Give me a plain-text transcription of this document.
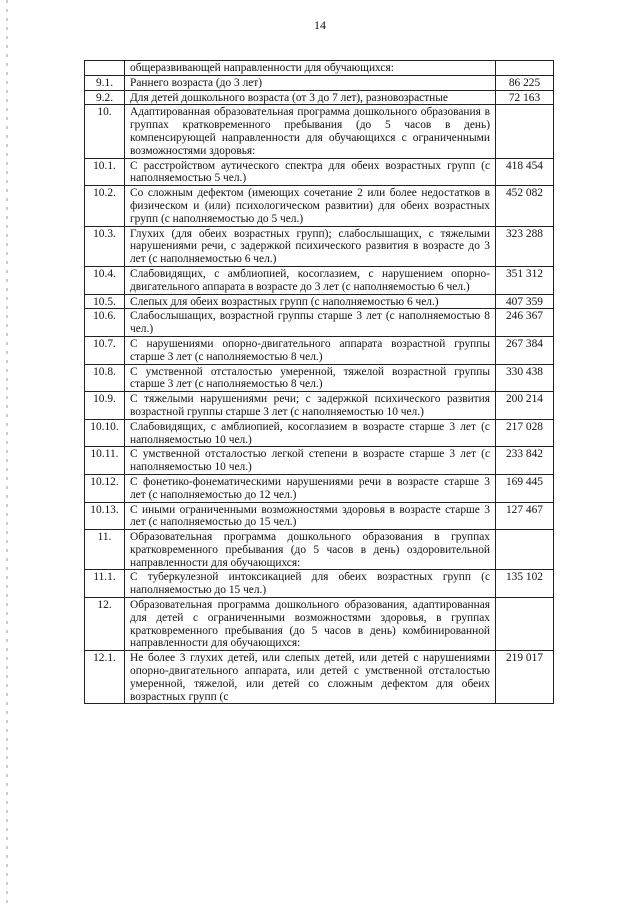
14
	общеразвивающей направленности для обучающихся:	
9.1.	Раннего возраста (до 3 лет)	86 225
9.2.	Для детей дошкольного возраста (от 3 до 7 лет), разновозрастные	72 163
10.	Адаптированная образовательная программа дошкольного образования в группах кратковременного пребывания (до 5 часов в день) компенсирующей направленности для обучающихся с ограниченными возможностями здоровья:	
10.1.	С расстройством аутического спектра для обеих возрастных групп (с наполняемостью 5 чел.)	418 454
10.2.	Со сложным дефектом (имеющих сочетание 2 или более недостатков в физическом и (или) психологическом развитии) для обеих возрастных групп (с наполняемостью до 5 чел.)	452 082
10.3.	Глухих (для обеих возрастных групп); слабослышащих, с тяжелыми нарушениями речи, с задержкой психического развития в возрасте до 3 лет (с наполняемостью 6 чел.)	323 288
10.4.	Слабовидящих, с амблиопией, косоглазием, с нарушением опорно-двигательного аппарата в возрасте до 3 лет (с наполняемостью 6 чел.)	351 312
10.5.	Слепых для обеих возрастных групп (с наполняемостью 6 чел.)	407 359
10.6.	Слабослышащих, возрастной группы старше 3 лет (с наполняемостью 8 чел.)	246 367
10.7.	С нарушениями опорно-двигательного аппарата возрастной группы старше 3 лет (с наполняемостью 8 чел.)	267 384
10.8.	С умственной отсталостью умеренной, тяжелой возрастной группы старше 3 лет (с наполняемостью 8 чел.)	330 438
10.9.	С тяжелыми нарушениями речи; с задержкой психического развития возрастной группы старше 3 лет (с наполняемостью 10 чел.)	200 214
10.10.	Слабовидящих, с амблиопией, косоглазием в возрасте старше 3 лет (с наполняемостью 10 чел.)	217 028
10.11.	С умственной отсталостью легкой степени в возрасте старше 3 лет (с наполняемостью 10 чел.)	233 842
10.12.	С фонетико-фонематическими нарушениями речи в возрасте старше 3 лет (с наполняемостью до 12 чел.)	169 445
10.13.	С иными ограниченными возможностями здоровья в возрасте старше 3 лет (с наполняемостью до 15 чел.)	127 467
11.	Образовательная программа дошкольного образования в группах кратковременного пребывания (до 5 часов в день) оздоровительной направленности для обучающихся:	
11.1.	С туберкулезной интоксикацией для обеих возрастных групп (с наполняемостью до 15 чел.)	135 102
12.	Образовательная программа дошкольного образования, адаптированная для детей с ограниченными возможностями здоровья, в группах кратковременного пребывания (до 5 часов в день) комбинированной направленности для обучающихся:	
12.1.	Не более 3 глухих детей, или слепых детей, или детей с нарушениями опорно-двигательного аппарата, или детей с умственной отсталостью умеренной, тяжелой, или детей со сложным дефектом для обеих возрастных групп (с	219 017
